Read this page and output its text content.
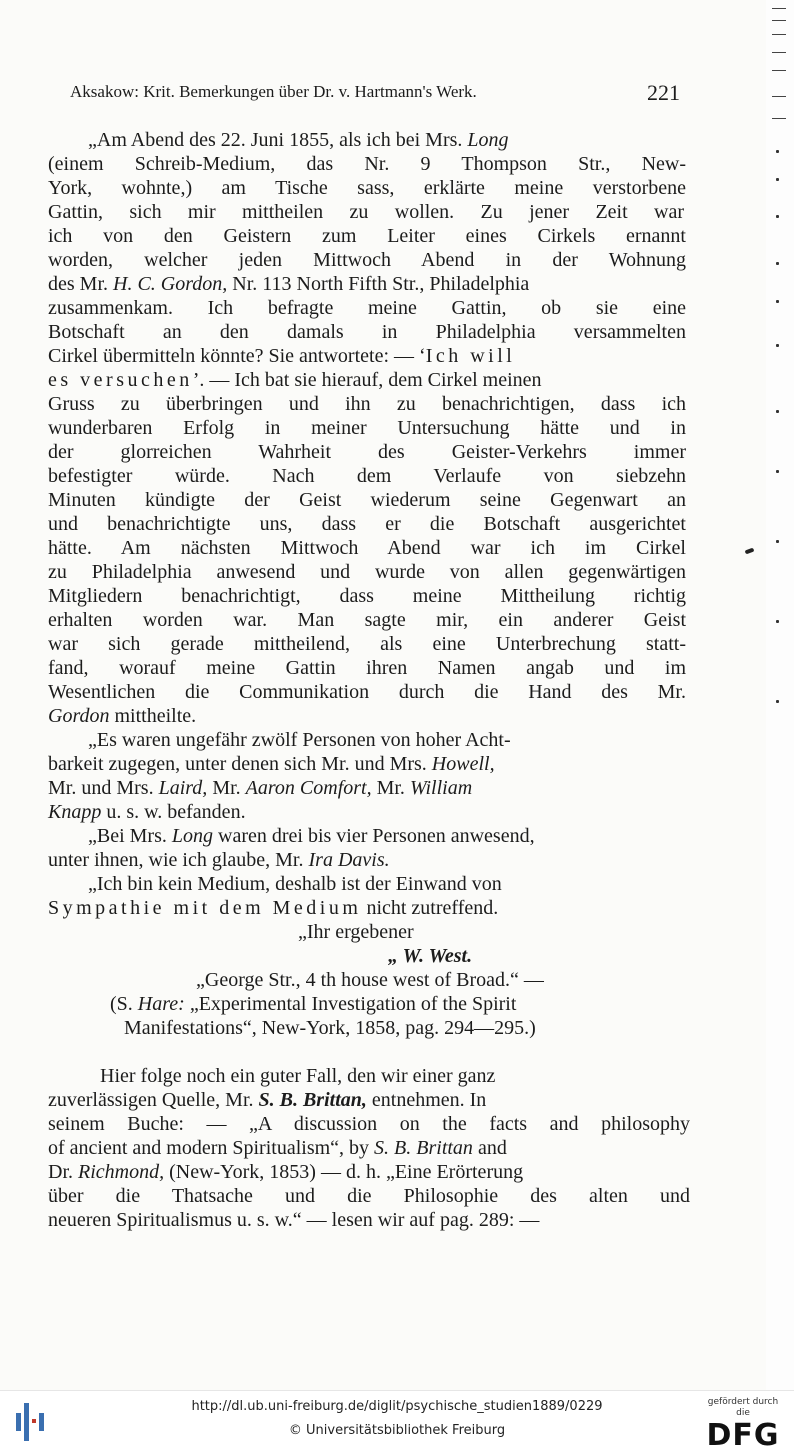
Aksakow: Krit. Bemerkungen über Dr. v. Hartmann's Werk.	221
„Am Abend des 22. Juni 1855, als ich bei Mrs. Long
(einem Schreib-Medium, das Nr. 9 Thompson Str., New-
York, wohnte,) am Tische sass, erklärte meine verstorbene
Gattin, sich mir mittheilen zu wollen. Zu jener Zeit war
ich von den Geistern zum Leiter eines Cirkels ernannt
worden, welcher jeden Mittwoch Abend in der Wohnung
des Mr. H. C. Gordon, Nr. 113 North Fifth Str., Philadelphia
zusammenkam. Ich befragte meine Gattin, ob sie eine
Botschaft an den damals in Philadelphia versammelten
Cirkel übermitteln könnte? Sie antwortete: — ‘Ich will
es versuchen’. — Ich bat sie hierauf, dem Cirkel meinen
Gruss zu überbringen und ihn zu benachrichtigen, dass ich
wunderbaren Erfolg in meiner Untersuchung hätte und in
der glorreichen Wahrheit des Geister-Verkehrs immer
befestigter würde. Nach dem Verlaufe von siebzehn
Minuten kündigte der Geist wiederum seine Gegenwart an
und benachrichtigte uns, dass er die Botschaft ausgerichtet
hätte. Am nächsten Mittwoch Abend war ich im Cirkel
zu Philadelphia anwesend und wurde von allen gegenwärtigen
Mitgliedern benachrichtigt, dass meine Mittheilung richtig
erhalten worden war. Man sagte mir, ein anderer Geist
war sich gerade mittheilend, als eine Unterbrechung statt-
fand, worauf meine Gattin ihren Namen angab und im
Wesentlichen die Communikation durch die Hand des Mr.
Gordon mittheilte.
„Es waren ungefähr zwölf Personen von hoher Acht-
barkeit zugegen, unter denen sich Mr. und Mrs. Howell,
Mr. und Mrs. Laird, Mr. Aaron Comfort, Mr. William
Knapp u. s. w. befanden.
„Bei Mrs. Long waren drei bis vier Personen anwesend,
unter ihnen, wie ich glaube, Mr. Ira Davis.
„Ich bin kein Medium, deshalb ist der Einwand von
Sympathie mit dem Medium nicht zutreffend.
„Ihr ergebener
„ W. West.
„George Str., 4 th house west of Broad.“ —
(S. Hare: „Experimental Investigation of the Spirit
Manifestations“, New-York, 1858, pag. 294—295.)
Hier folge noch ein guter Fall, den wir einer ganz
zuverlässigen Quelle, Mr. S. B. Brittan, entnehmen. In
seinem Buche: — „A discussion on the facts and philosophy
of ancient and modern Spiritualism“, by S. B. Brittan and
Dr. Richmond, (New-York, 1853) — d. h. „Eine Erörterung
über die Thatsache und die Philosophie des alten und
neueren Spiritualismus u. s. w.“ — lesen wir auf pag. 289: —
http://dl.ub.uni-freiburg.de/diglit/psychische_studien1889/0229
© Universitätsbibliothek Freiburg
gefördert durch die
DFG
